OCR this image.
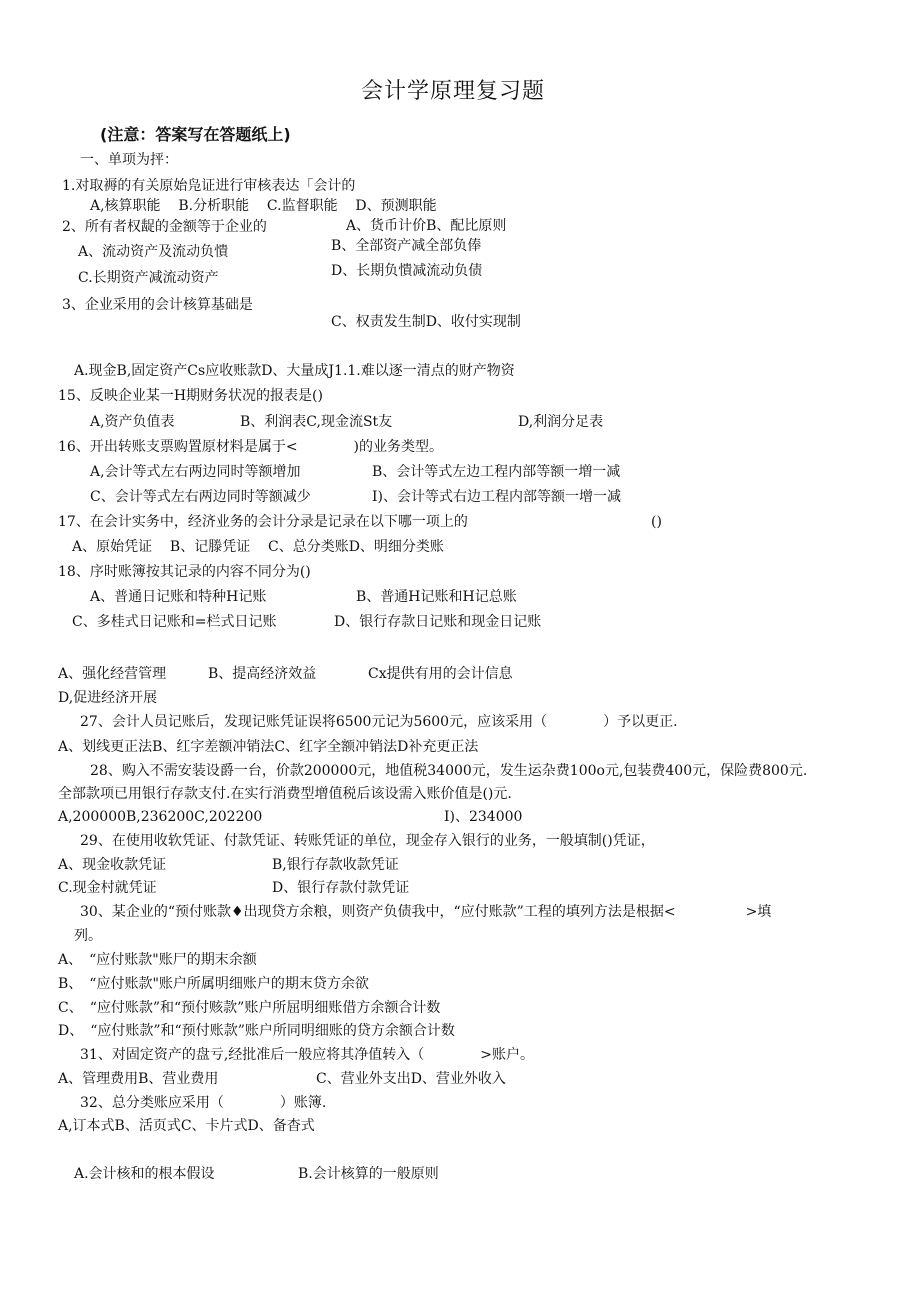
会计学原理复习题
(注意：答案写在答题纸上)
一、单项为抨：
1.对取褥的有关原始凫证进行审核表达「会计的
A,核算职能    B.分析职能    C.监督职能    D、预测职能
2、所有者权龊的金额等于企业的	A、货币计价B、配比原则
A、流动资产及流动负憒	B、全部资产减全部负俸
C.长期资产减流动资产	D、长期负憒减流动负债
3、企业采用的会计核算基础是
C、权责发生制D、收付实现制
A.现金B,固定资产Cs应收账款D、大量成J1.1.难以逐一清点的财产物资
15、反映企业某一H期财务状况的报表是()
A,资产负值表	B、利润表C,现金流St友	D,利润分足表
16、开出转账支票购置原材料是属于<　　　　)的业务类型。
A,会计等式左右两边同时等额增加	B、会计等式左边工程内部等额一増一减
C、会计等式左右两边同时等额减少	I)、会计等式右边工程内部等额一增一减
17、在会计实务中，经济业务的会计分录是记录在以下哪一项上的	()
A、原始凭证    B、记滕凭证    C、总分类账D、明细分类账
18、序时账簿按其记录的内容不同分为()
A、普通日记账和特种H记账	B、普通H记账和H记总账
C、多桂式日记账和=栏式日记账	D、银行存款日记账和现金日记账
A、强化经营管理	B、提高经济效益	Cx提供有用的会计信息
D,促进经济开展
27、会计人员记账后，发现记账凭证误将6500元记为5600元，应该采用（　　　　）予以更正.
A、划线更正法B、红字差额冲销法C、红字全额冲销法D补充更正法
28、购入不需安装设爵一台，价款200000元，地值税34000元，发生运杂费100o元,包装费400元，保险费800元.
全部款项已用银行存款支付.在实行消费型增值税后该设需入账价值是()元.
A,200000B,236200C,202200	I)、234000
29、在使用收软凭证、付款凭证、转账凭证的单位，现金存入银行的业务，一般填制()凭证，
A、现金收款凭证	B,银行存款收款凭证
C.现金村就凭证	D、银行存款付款凭证
30、某企业的“预付账款♦出现贷方余粮，则资产负债我中，“应付账款”工程的填列方法是根据<　　　　　>填
列。
A、　“应付账款"账尸的期末余额
B、　“应付账款"账户所属明细账户的期末贷方余欲
C、　“应付账款”和“预付赅款”账户所屈明细账借方余额合计数
D、　“应付账款”和“预付账款”账户所同明细账的贷方余额合计数
31、对固定资产的盘亏,经批准后一般应将其净值转入（　　　　>账户。
A、管理费用B、营业费用	C、营业外支出D、营业外收入
32、总分类账应采用（　　　　）账簿.
A,订本式B、活页式C、卡片式D、备杳式
A.会计核和的根本假设	B.会计核算的一般原则
